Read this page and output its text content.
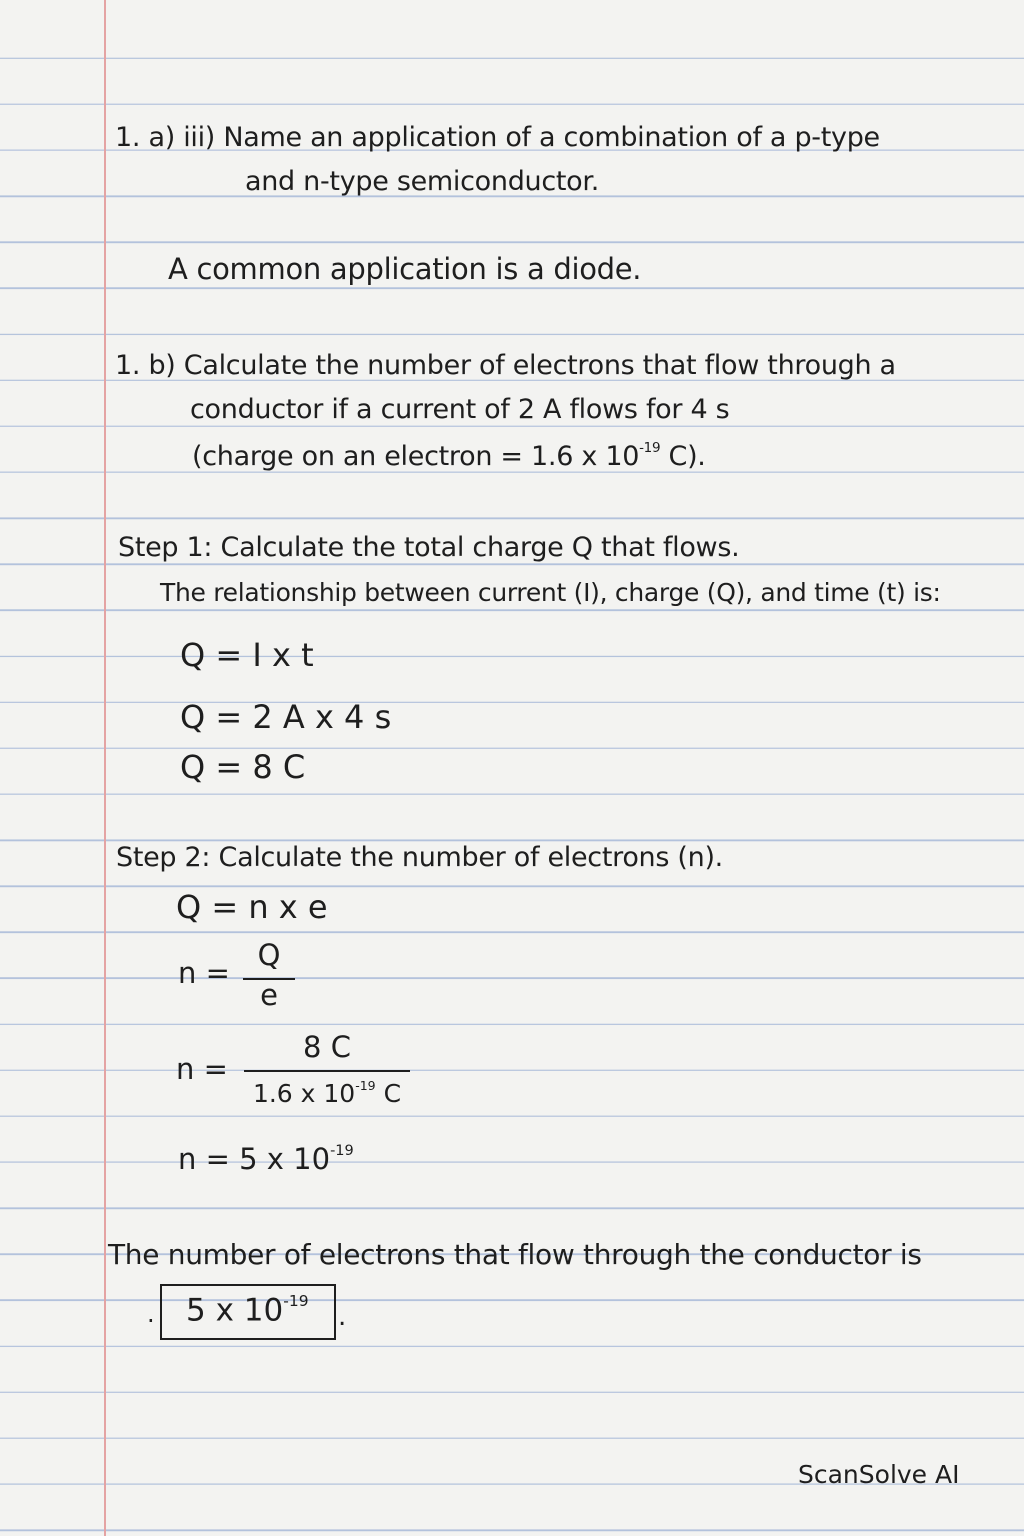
1. a) iii) Name an application of a combination of a p-type
and n-type semiconductor.
A common application is a diode.
1. b) Calculate the number of electrons that flow through a
conductor if a current of 2 A flows for 4 s
(charge on an electron = 1.6 x $10^{-19}$ C).
Step 1: Calculate the total charge Q that flows.
The relationship between current (I), charge (Q), and time (t) is:
Q = I x t
Q = 2 A x 4 s
Q = 8 C
Step 2: Calculate the number of electrons (n).
Q = n x e
n =
Q
e
n =
8 C
1.6 x $10^{-19}$ C
n = 5 x $10^{-19}$
The number of electrons that flow through the conductor is
. 5 x $10^{-19}$
.
ScanSolve AI
